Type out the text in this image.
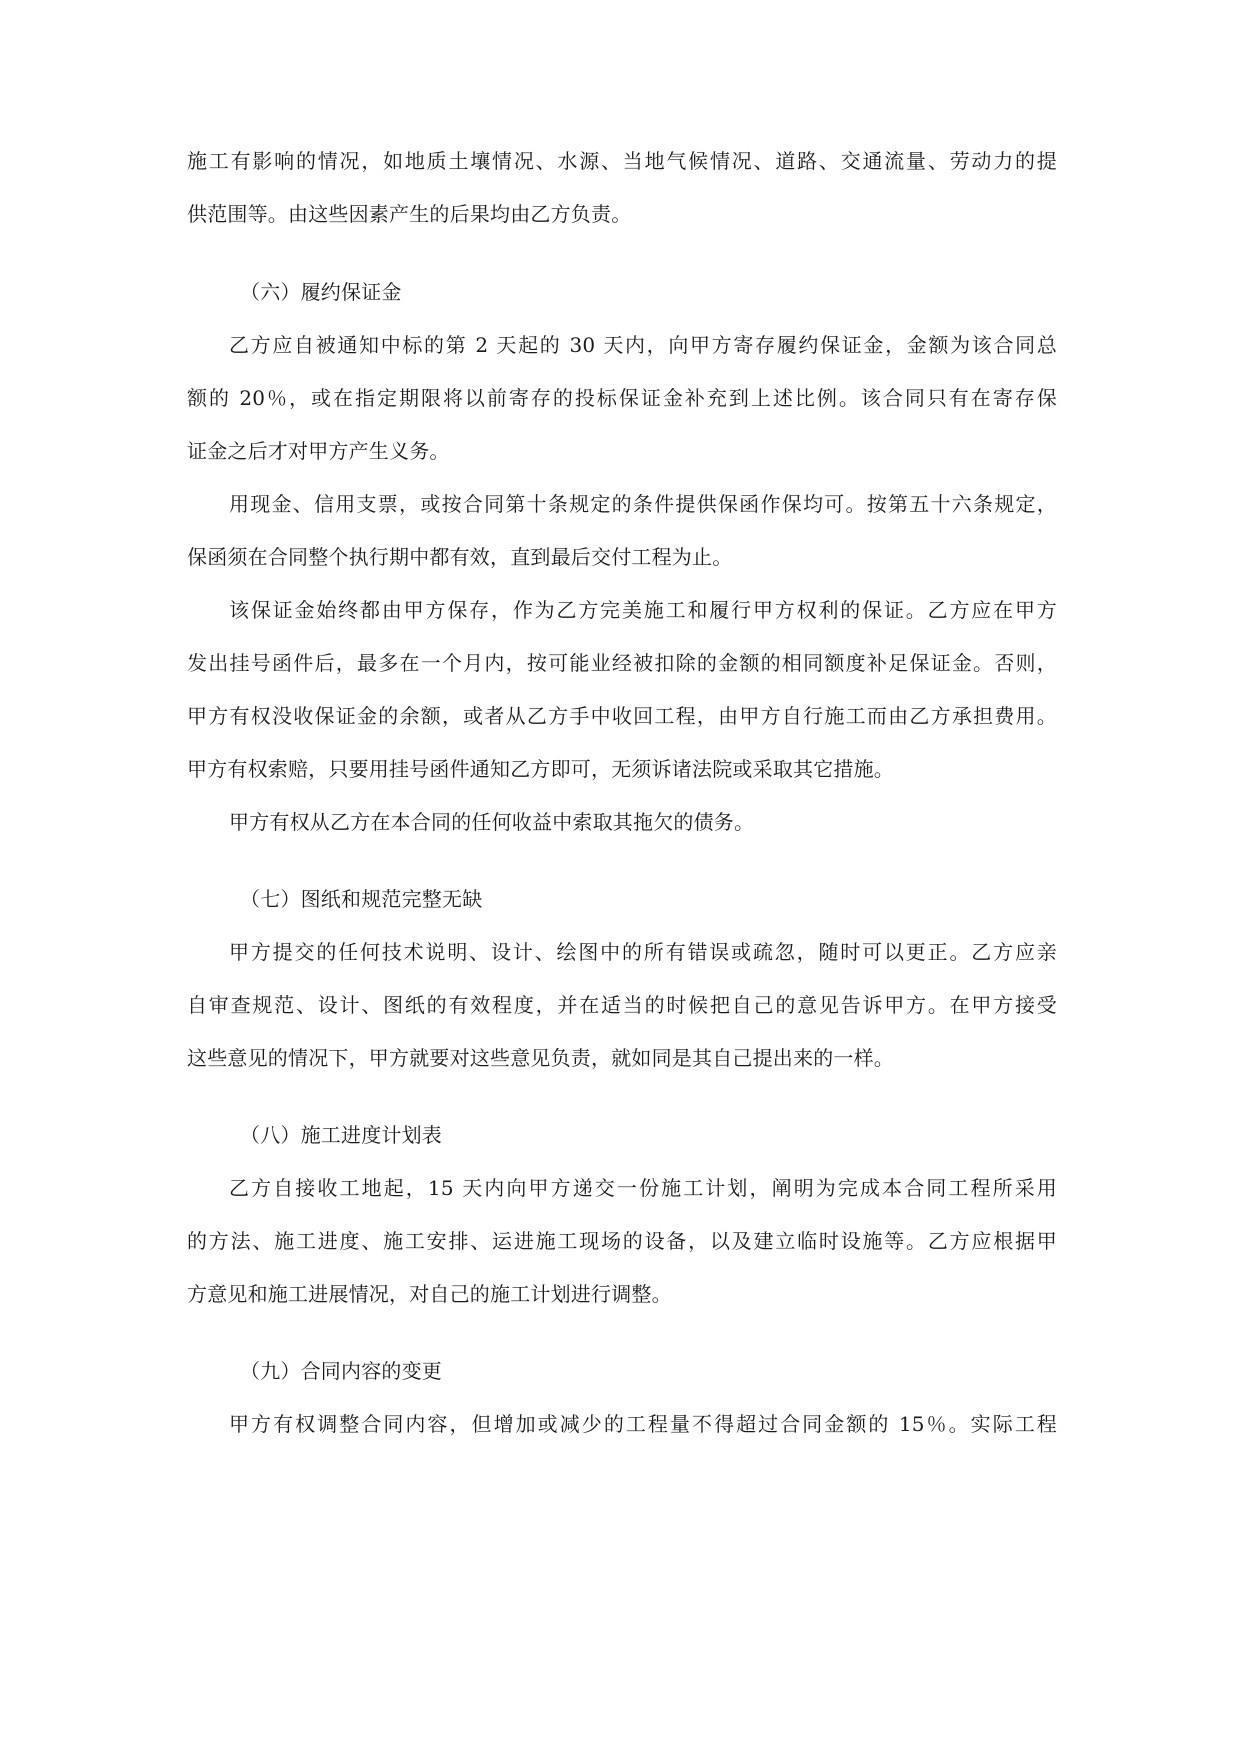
施工有影响的情况，如地质土壤情况、水源、当地气候情况、道路、交通流量、劳动力的提
供范围等。由这些因素产生的后果均由乙方负责。
（六）履约保证金
乙方应自被通知中标的第 2 天起的 30 天内，向甲方寄存履约保证金，金额为该合同总
额的 20％，或在指定期限将以前寄存的投标保证金补充到上述比例。该合同只有在寄存保
证金之后才对甲方产生义务。
用现金、信用支票，或按合同第十条规定的条件提供保函作保均可。按第五十六条规定，
保函须在合同整个执行期中都有效，直到最后交付工程为止。
该保证金始终都由甲方保存，作为乙方完美施工和履行甲方权利的保证。乙方应在甲方
发出挂号函件后，最多在一个月内，按可能业经被扣除的金额的相同额度补足保证金。否则，
甲方有权没收保证金的余额，或者从乙方手中收回工程，由甲方自行施工而由乙方承担费用。
甲方有权索赔，只要用挂号函件通知乙方即可，无须诉诸法院或采取其它措施。
甲方有权从乙方在本合同的任何收益中索取其拖欠的债务。
（七）图纸和规范完整无缺
甲方提交的任何技术说明、设计、绘图中的所有错误或疏忽，随时可以更正。乙方应亲
自审查规范、设计、图纸的有效程度，并在适当的时候把自己的意见告诉甲方。在甲方接受
这些意见的情况下，甲方就要对这些意见负责，就如同是其自己提出来的一样。
（八）施工进度计划表
乙方自接收工地起，15 天内向甲方递交一份施工计划，阐明为完成本合同工程所采用
的方法、施工进度、施工安排、运进施工现场的设备，以及建立临时设施等。乙方应根据甲
方意见和施工进展情况，对自己的施工计划进行调整。
（九）合同内容的变更
甲方有权调整合同内容，但增加或减少的工程量不得超过合同金额的 15％。实际工程
